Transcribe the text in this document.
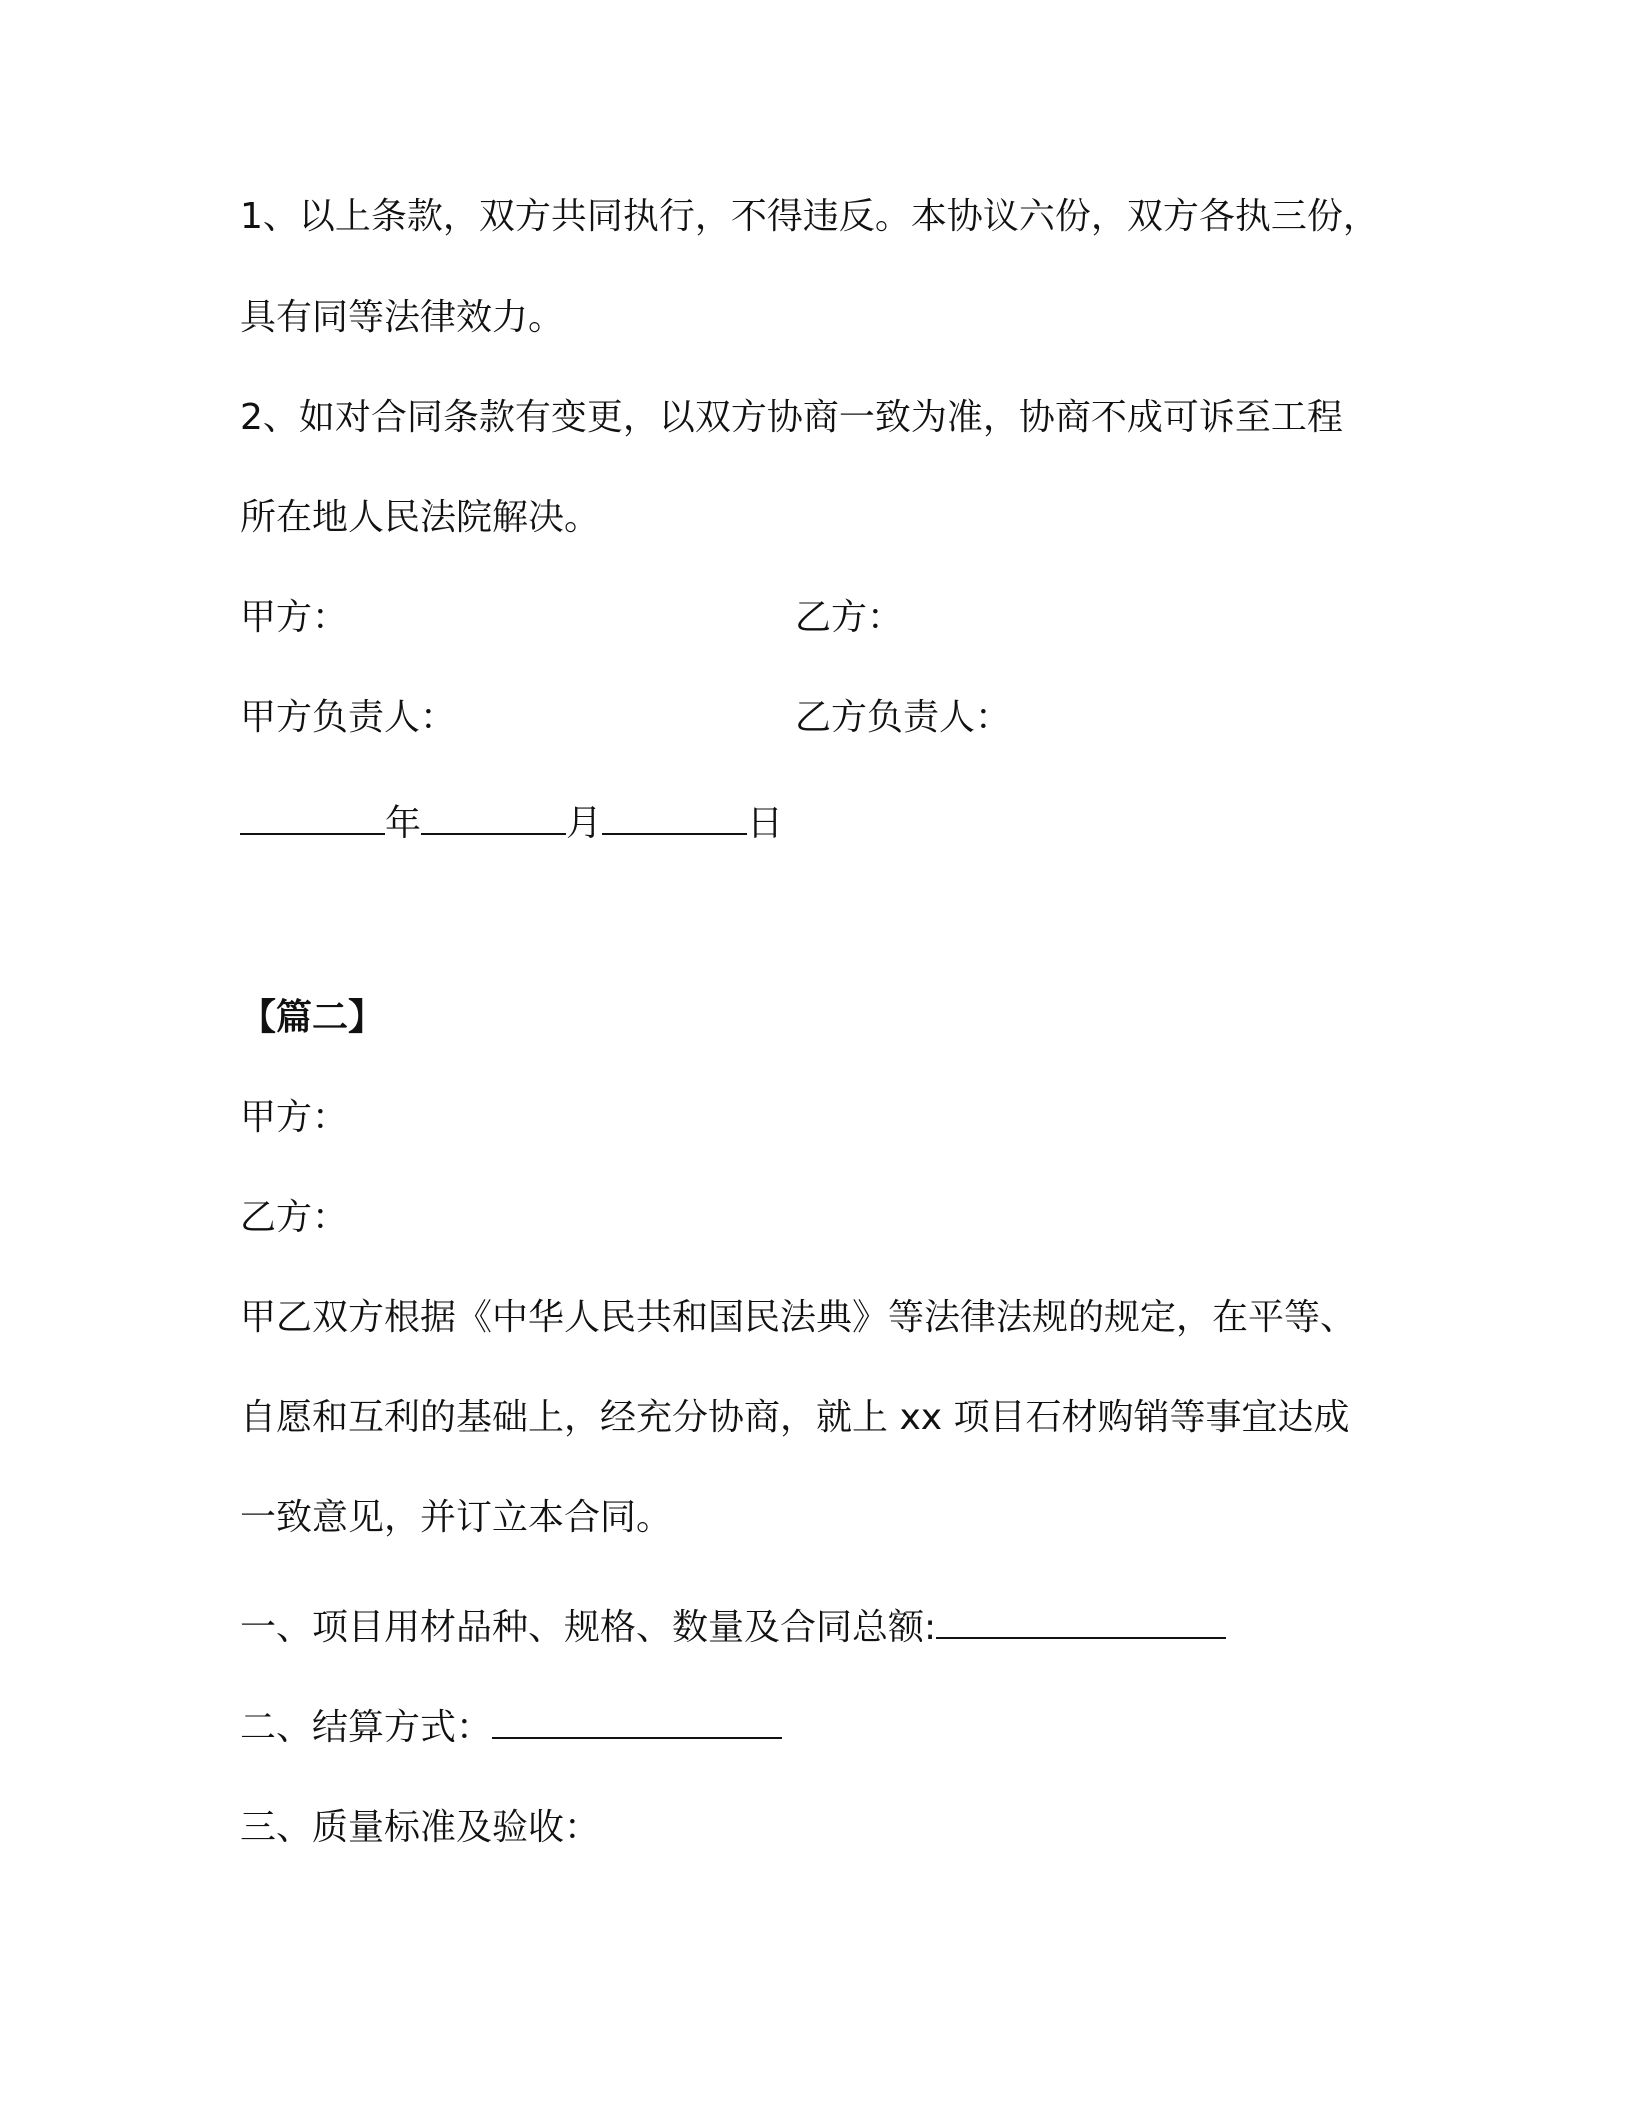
1、以上条款，双方共同执行，不得违反。本协议六份，双方各执三份，
具有同等法律效力。
2、如对合同条款有变更，以双方协商一致为准，协商不成可诉至工程
所在地人民法院解决。
甲方：	乙方：
甲方负责人：	乙方负责人：
年	月	日
【篇二】
甲方：
乙方：
甲乙双方根据《中华人民共和国民法典》等法律法规的规定，在平等、
自愿和互利的基础上，经充分协商，就上 xx 项目石材购销等事宜达成
一致意见，并订立本合同。
一、项目用材品种、规格、数量及合同总额:
二、结算方式：
三、质量标准及验收：
